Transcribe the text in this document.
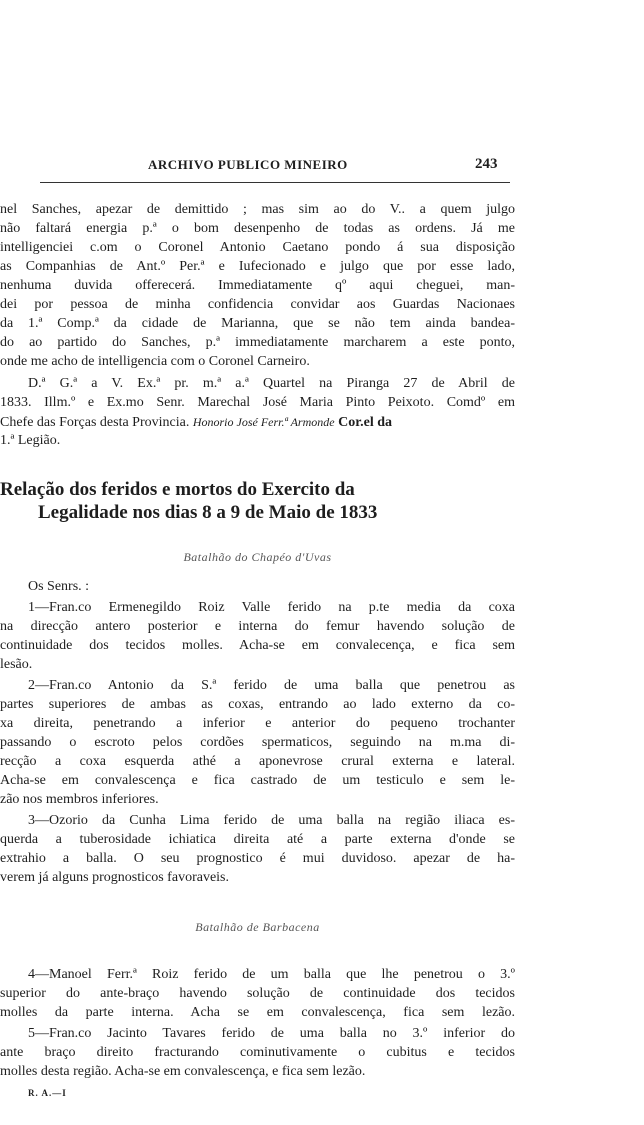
ARCHIVO PUBLICO MINEIRO	243
nel Sanches, apezar de demittido ; mas sim ao do V.. a quem julgo
não faltará energia p.ª o bom desenpenho de todas as ordens. Já me
intelligenciei c.om o Coronel Antonio Caetano pondo á sua disposição
as Companhias de Ant.º Per.ª e Iufecionado e julgo que por esse lado,
nenhuma duvida offerecerá. Immediatamente qº aqui cheguei, man-
dei por pessoa de minha confidencia convidar aos Guardas Nacionaes
da 1.ª Comp.ª da cidade de Marianna, que se não tem ainda bandea-
do ao partido do Sanches, p.ª immediatamente marcharem a este ponto,
onde me acho de intelligencia com o Coronel Carneiro.
D.ª G.ª a V. Ex.ª pr. m.ª a.ª Quartel na Piranga 27 de Abril de
1833. Illm.º e Ex.mo Senr. Marechal José Maria Pinto Peixoto. Comdº em
Chefe das Forças desta Provincia. Honorio José Ferr.ª Armonde Cor.el da
1.ª Legião.
Relação dos feridos e mortos do Exercito da
Legalidade nos dias 8 a 9 de Maio de 1833
Batalhão do Chapéo d'Uvas
Os Senrs. :
1—Fran.co Ermenegildo Roiz Valle ferido na p.te media da coxa
na direcção antero posterior e interna do femur havendo solução de
continuidade dos tecidos molles. Acha-se em convalecença, e fica sem
lesão.
2—Fran.co Antonio da S.ª ferido de uma balla que penetrou as
partes superiores de ambas as coxas, entrando ao lado externo da co-
xa direita, penetrando a inferior e anterior do pequeno trochanter
passando o escroto pelos cordões spermaticos, seguindo na m.ma di-
recção a coxa esquerda athé a aponevrose crural externa e lateral.
Acha-se em convalescença e fica castrado de um testiculo e sem le-
zão nos membros inferiores.
3—Ozorio da Cunha Lima ferido de uma balla na região iliaca es-
querda a tuberosidade ichiatica direita até a parte externa d'onde se
extrahio a balla. O seu prognostico é mui duvidoso. apezar de ha-
verem já alguns prognosticos favoraveis.
Batalhão de Barbacena
4—Manoel Ferr.ª Roiz ferido de um balla que lhe penetrou o 3.º
superior do ante-braço havendo solução de continuidade dos tecidos
molles da parte interna. Acha se em convalescença, fica sem lezão.
5—Fran.co Jacinto Tavares ferido de uma balla no 3.º inferior do
ante braço direito fracturando cominutivamente o cubitus e tecidos
molles desta região. Acha-se em convalescença, e fica sem lezão.
R. A.—I
